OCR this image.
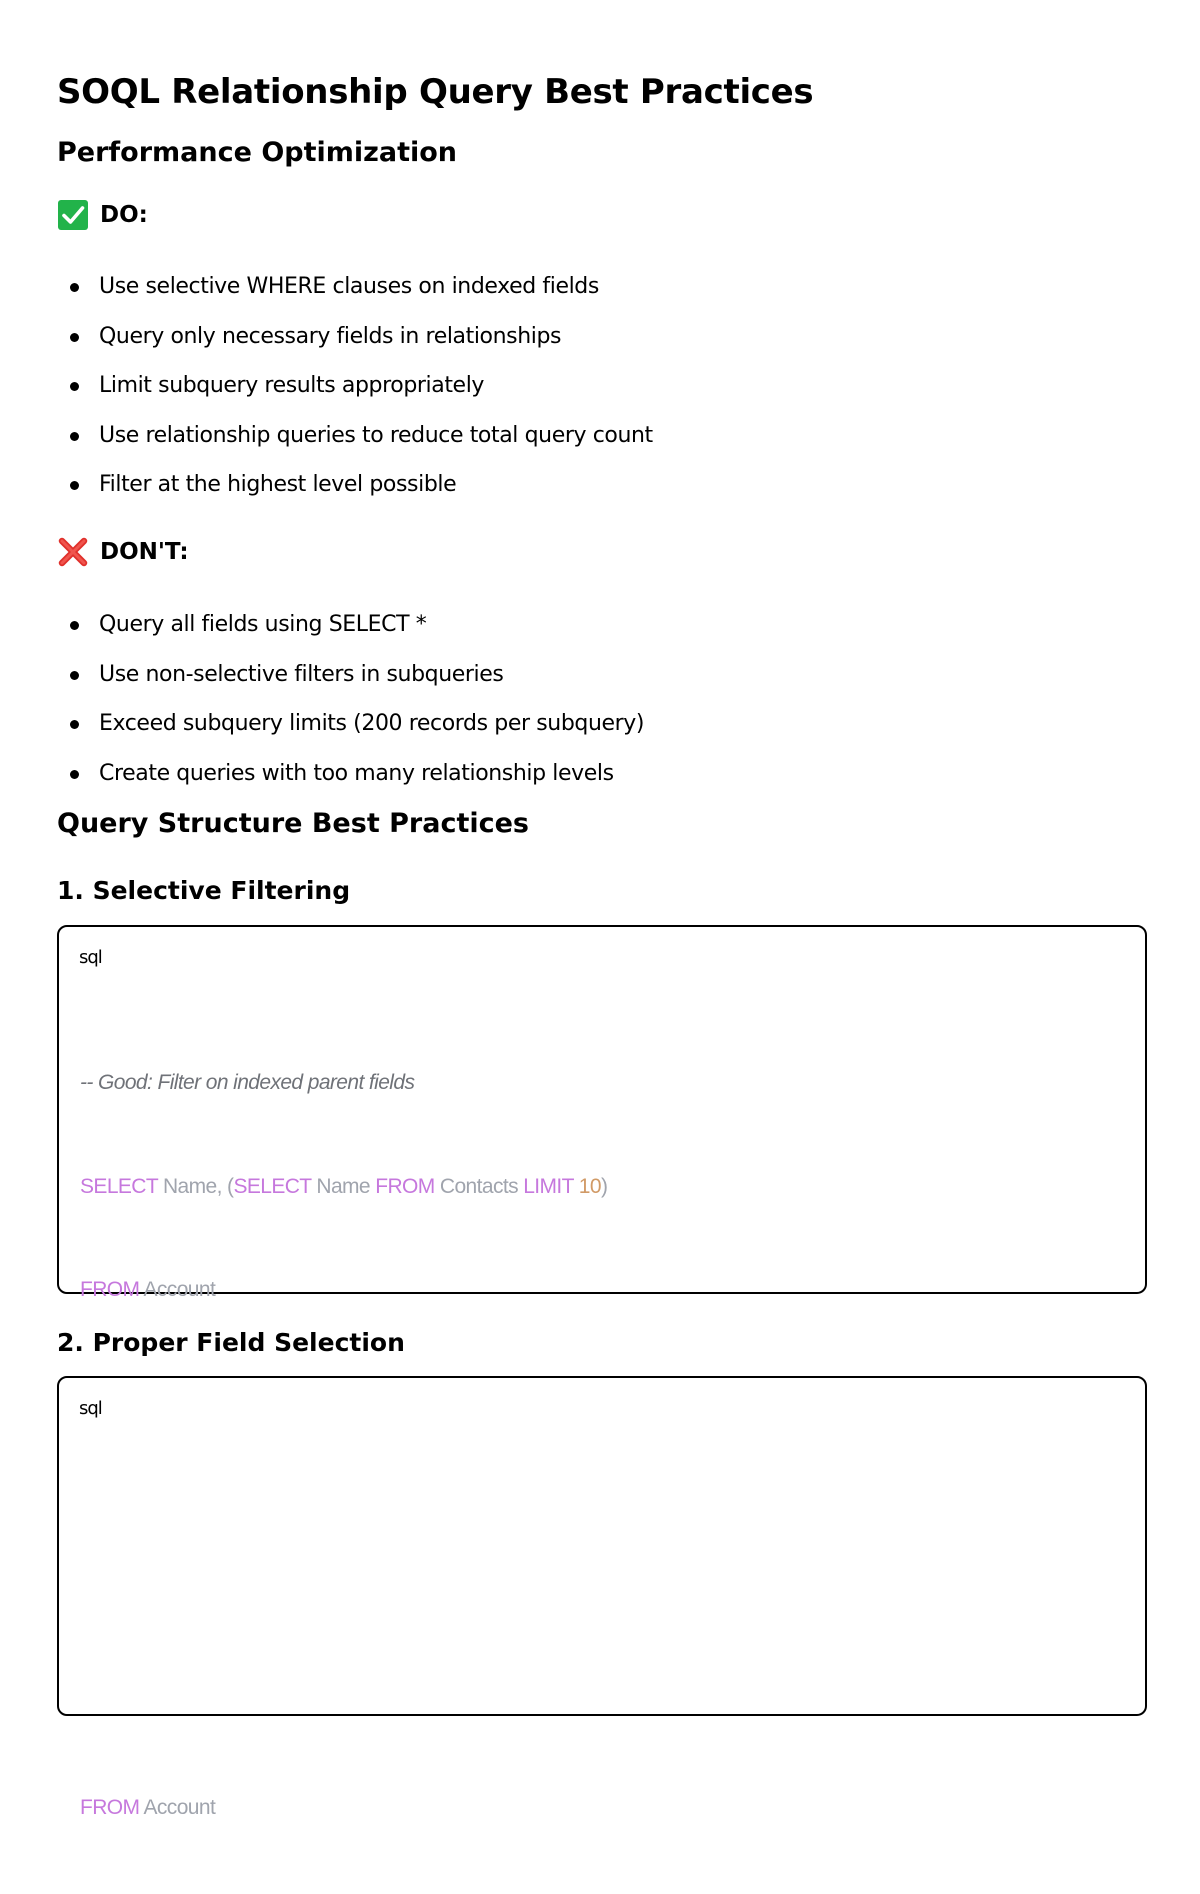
SOQL Relationship Query Best Practices
Performance Optimization
DO:
Use selective WHERE clauses on indexed fields
Query only necessary fields in relationships
Limit subquery results appropriately
Use relationship queries to reduce total query count
Filter at the highest level possible
DON'T:
Query all fields using SELECT *
Use non-selective filters in subqueries
Exceed subquery limits (200 records per subquery)
Create queries with too many relationship levels
Query Structure Best Practices
1. Selective Filtering
sql

-- Good: Filter on indexed parent fields

SELECT Name, (SELECT Name FROM Contacts LIMIT 10)

FROM Account

FROM Account

2. Proper Field Selection
sql
